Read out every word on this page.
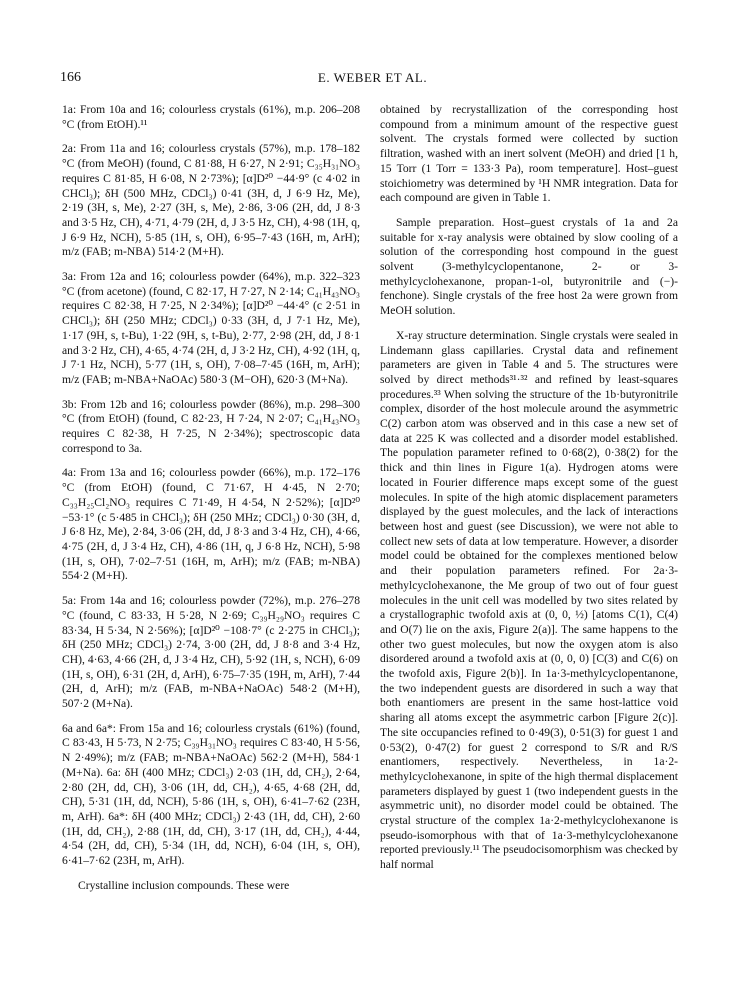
166	E. WEBER ET AL.

1a: From 10a and 16; colourless crystals (61%), m.p. 206–208 °C (from EtOH).¹¹

2a: From 11a and 16; colourless crystals (57%), m.p. 178–182 °C (from MeOH) (found, C 81·88, H 6·27, N 2·91; C₃₅H₃₁NO₃ requires C 81·85, H 6·08, N 2·73%); [α]D²⁰ −44·9° (c 4·02 in CHCl₃); δH (500 MHz, CDCl₃) 0·41 (3H, d, J 6·9 Hz, Me), 2·19 (3H, s, Me), 2·27 (3H, s, Me), 2·86, 3·06 (2H, dd, J 8·3 and 3·5 Hz, CH), 4·71, 4·79 (2H, d, J 3·5 Hz, CH), 4·98 (1H, q, J 6·9 Hz, NCH), 5·85 (1H, s, OH), 6·95–7·43 (16H, m, ArH); m/z (FAB; m-NBA) 514·2 (M+H).

3a: From 12a and 16; colourless powder (64%), m.p. 322–323 °C (from acetone) (found, C 82·17, H 7·27, N 2·14; C₄₁H₄₃NO₃ requires C 82·38, H 7·25, N 2·34%); [α]D²⁰ −44·4° (c 2·51 in CHCl₃); δH (250 MHz; CDCl₃) 0·33 (3H, d, J 7·1 Hz, Me), 1·17 (9H, s, t-Bu), 1·22 (9H, s, t-Bu), 2·77, 2·98 (2H, dd, J 8·1 and 3·2 Hz, CH), 4·65, 4·74 (2H, d, J 3·2 Hz, CH), 4·92 (1H, q, J 7·1 Hz, NCH), 5·77 (1H, s, OH), 7·08–7·45 (16H, m, ArH); m/z (FAB; m-NBA+NaOAc) 580·3 (M−OH), 620·3 (M+Na).

3b: From 12b and 16; colourless powder (86%), m.p. 298–300 °C (from EtOH) (found, C 82·23, H 7·24, N 2·07; C₄₁H₄₃NO₃ requires C 82·38, H 7·25, N 2·34%); spectroscopic data correspond to 3a.

4a: From 13a and 16; colourless powder (66%), m.p. 172–176 °C (from EtOH) (found, C 71·67, H 4·45, N 2·70; C₃₃H₂₅Cl₂NO₃ requires C 71·49, H 4·54, N 2·52%); [α]D²⁰ −53·1° (c 5·485 in CHCl₃); δH (250 MHz; CDCl₃) 0·30 (3H, d, J 6·8 Hz, Me), 2·84, 3·06 (2H, dd, J 8·3 and 3·4 Hz, CH), 4·66, 4·75 (2H, d, J 3·4 Hz, CH), 4·86 (1H, q, J 6·8 Hz, NCH), 5·98 (1H, s, OH), 7·02–7·51 (16H, m, ArH); m/z (FAB; m-NBA) 554·2 (M+H).

5a: From 14a and 16; colourless powder (72%), m.p. 276–278 °C (found, C 83·33, H 5·28, N 2·69; C₃₉H₂₉NO₃ requires C 83·34, H 5·34, N 2·56%); [α]D²⁰ −108·7° (c 2·275 in CHCl₃); δH (250 MHz; CDCl₃) 2·74, 3·00 (2H, dd, J 8·8 and 3·4 Hz, CH), 4·63, 4·66 (2H, d, J 3·4 Hz, CH), 5·92 (1H, s, NCH), 6·09 (1H, s, OH), 6·31 (2H, d, ArH), 6·75–7·35 (19H, m, ArH), 7·44 (2H, d, ArH); m/z (FAB, m-NBA+NaOAc) 548·2 (M+H), 507·2 (M+Na).

6a and 6a*: From 15a and 16; colourless crystals (61%) (found, C 83·43, H 5·73, N 2·75; C₃₉H₃₁NO₃ requires C 83·40, H 5·56, N 2·49%); m/z (FAB; m-NBA+NaOAc) 562·2 (M+H), 584·1 (M+Na). 6a: δH (400 MHz; CDCl₃) 2·03 (1H, dd, CH₂), 2·64, 2·80 (2H, dd, CH), 3·06 (1H, dd, CH₂), 4·65, 4·68 (2H, dd, CH), 5·31 (1H, dd, NCH), 5·86 (1H, s, OH), 6·41–7·62 (23H, m, ArH). 6a*: δH (400 MHz; CDCl₃) 2·43 (1H, dd, CH), 2·60 (1H, dd, CH₂), 2·88 (1H, dd, CH), 3·17 (1H, dd, CH₂), 4·44, 4·54 (2H, dd, CH), 5·34 (1H, dd, NCH), 6·04 (1H, s, OH), 6·41–7·62 (23H, m, ArH).

Crystalline inclusion compounds. These were

obtained by recrystallization of the corresponding host compound from a minimum amount of the respective guest solvent. The crystals formed were collected by suction filtration, washed with an inert solvent (MeOH) and dried [1 h, 15 Torr (1 Torr = 133·3 Pa), room temperature]. Host–guest stoichiometry was determined by ¹H NMR integration. Data for each compound are given in Table 1.

Sample preparation. Host–guest crystals of 1a and 2a suitable for x-ray analysis were obtained by slow cooling of a solution of the corresponding host compound in the guest solvent (3-methylcyclopentanone, 2- or 3-methylcyclohexanone, propan-1-ol, butyronitrile and (−)-fenchone). Single crystals of the free host 2a were grown from MeOH solution.

X-ray structure determination. Single crystals were sealed in Lindemann glass capillaries. Crystal data and refinement parameters are given in Table 4 and 5. The structures were solved by direct methods³¹·³² and refined by least-squares procedures.³³ When solving the structure of the 1b·butyronitrile complex, disorder of the host molecule around the asymmetric C(2) carbon atom was observed and in this case a new set of data at 225 K was collected and a disorder model established. The population parameter refined to 0·68(2), 0·38(2) for the thick and thin lines in Figure 1(a). Hydrogen atoms were located in Fourier difference maps except some of the guest molecules. In spite of the high atomic displacement parameters displayed by the guest molecules, and the lack of interactions between host and guest (see Discussion), we were not able to collect new sets of data at low temperature. However, a disorder model could be obtained for the complexes mentioned below and their population parameters refined. For 2a·3-methylcyclohexanone, the Me group of two out of four guest molecules in the unit cell was modelled by two sites related by a crystallographic twofold axis at (0, 0, ½) [atoms C(1), C(4) and O(7) lie on the axis, Figure 2(a)]. The same happens to the other two guest molecules, but now the oxygen atom is also disordered around a twofold axis at (0, 0, 0) [C(3) and C(6) on the twofold axis, Figure 2(b)]. In 1a·3-methylcyclopentanone, the two independent guests are disordered in such a way that both enantiomers are present in the same host-lattice void sharing all atoms except the asymmetric carbon [Figure 2(c)]. The site occupancies refined to 0·49(3), 0·51(3) for guest 1 and 0·53(2), 0·47(2) for guest 2 correspond to S/R and R/S enantiomers, respectively. Nevertheless, in 1a·2-methylcyclohexanone, in spite of the high thermal displacement parameters displayed by guest 1 (two independent guests in the asymmetric unit), no disorder model could be obtained. The crystal structure of the complex 1a·2-methylcyclohexanone is pseudo-isomorphous with that of 1a·3-methylcyclohexanone reported previously.¹¹ The pseudocisomorphism was checked by half normal
